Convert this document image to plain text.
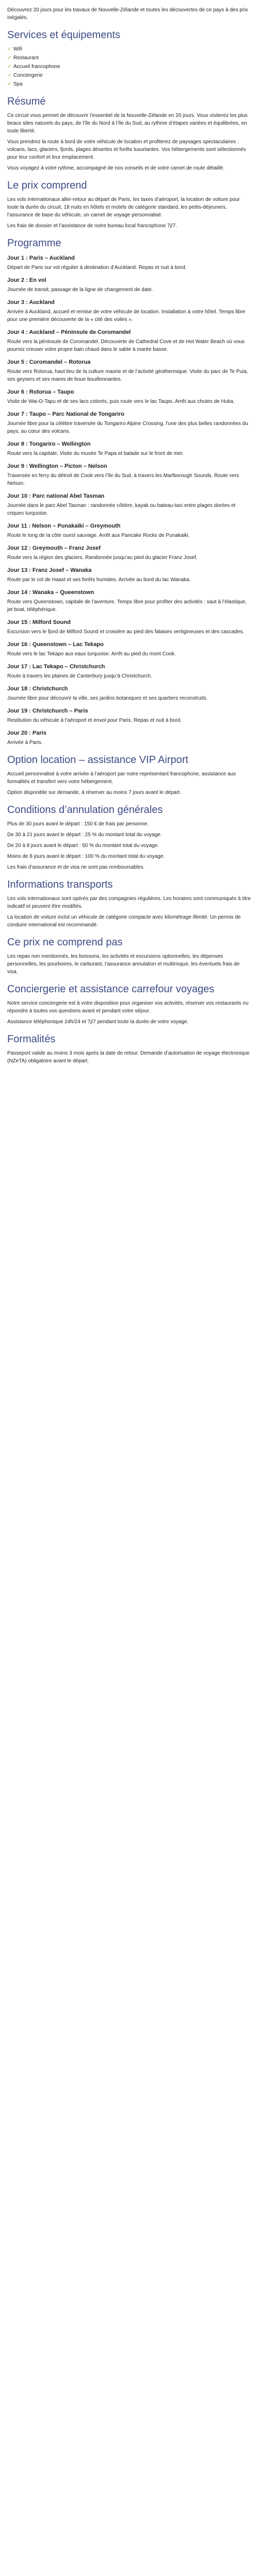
Découvrez 20 jours pour les travaux de Nouvelle-Zélande et toutes les découvertes de ce pays à des prix inégalés.

Services et équipements
✓ Wifi
✓ Restaurant
✓ Accueil francophone
✓ Conciergerie
✓ Spa
Résumé

Ce circuit vous permet de découvrir l’essentiel de la Nouvelle-Zélande en 20 jours. Vous visiterez les plus beaux sites naturels du pays, de l’île du Nord à l’île du Sud, au rythme d’étapes variées et équilibrées, en toute liberté.

Vous prendrez la route à bord de votre véhicule de location et profiterez de paysages spectaculaires : volcans, lacs, glaciers, fjords, plages désertes et forêts luxuriantes. Vos hébergements sont sélectionnés pour leur confort et leur emplacement.

Vous voyagez à votre rythme, accompagné de nos conseils et de votre carnet de route détaillé.

Le prix comprend

Les vols internationaux aller-retour au départ de Paris, les taxes d’aéroport, la location de voiture pour toute la durée du circuit, 18 nuits en hôtels et motels de catégorie standard, les petits-déjeuners, l’assurance de base du véhicule, un carnet de voyage personnalisé.

Les frais de dossier et l’assistance de notre bureau local francophone 7j/7.

Programme
Jour 1 : Paris – Auckland

Départ de Paris sur vol régulier à destination d’Auckland. Repas et nuit à bord.

Jour 2 : En vol

Journée de transit, passage de la ligne de changement de date.

Jour 3 : Auckland

Arrivée à Auckland, accueil et remise de votre véhicule de location. Installation à votre hôtel. Temps libre pour une première découverte de la « cité des voiles ».

Jour 4 : Auckland – Péninsule de Coromandel

Route vers la péninsule de Coromandel. Découverte de Cathedral Cove et de Hot Water Beach où vous pourrez creuser votre propre bain chaud dans le sable à marée basse.

Jour 5 : Coromandel – Rotorua

Route vers Rotorua, haut lieu de la culture maorie et de l’activité géothermique. Visite du parc de Te Puia, ses geysers et ses mares de boue bouillonnantes.

Jour 6 : Rotorua – Taupo

Visite de Wai-O-Tapu et de ses lacs colorés, puis route vers le lac Taupo. Arrêt aux chutes de Huka.

Jour 7 : Taupo – Parc National de Tongariro

Journée libre pour la célèbre traversée du Tongariro Alpine Crossing, l’une des plus belles randonnées du pays, au cœur des volcans.

Jour 8 : Tongariro – Wellington

Route vers la capitale. Visite du musée Te Papa et balade sur le front de mer.

Jour 9 : Wellington – Picton – Nelson

Traversée en ferry du détroit de Cook vers l’île du Sud, à travers les Marlborough Sounds. Route vers Nelson.

Jour 10 : Parc national Abel Tasman

Journée dans le parc Abel Tasman : randonnée côtière, kayak ou bateau-taxi entre plages dorées et criques turquoise.

Jour 11 : Nelson – Punakaiki – Greymouth

Route le long de la côte ouest sauvage. Arrêt aux Pancake Rocks de Punakaiki.

Jour 12 : Greymouth – Franz Josef

Route vers la région des glaciers. Randonnée jusqu’au pied du glacier Franz Josef.

Jour 13 : Franz Josef – Wanaka

Route par le col de Haast et ses forêts humides. Arrivée au bord du lac Wanaka.

Jour 14 : Wanaka – Queenstown

Route vers Queenstown, capitale de l’aventure. Temps libre pour profiter des activités : saut à l’élastique, jet boat, téléphérique.

Jour 15 : Milford Sound

Excursion vers le fjord de Milford Sound et croisière au pied des falaises vertigineuses et des cascades.

Jour 16 : Queenstown – Lac Tekapo

Route vers le lac Tekapo aux eaux turquoise. Arrêt au pied du mont Cook.

Jour 17 : Lac Tekapo – Christchurch

Route à travers les plaines de Canterbury jusqu’à Christchurch.

Jour 18 : Christchurch

Journée libre pour découvrir la ville, ses jardins botaniques et ses quartiers reconstruits.

Jour 19 : Christchurch – Paris

Restitution du véhicule à l’aéroport et envol pour Paris. Repas et nuit à bord.

Jour 20 : Paris

Arrivée à Paris.

Option location – assistance VIP Airport

Accueil personnalisé à votre arrivée à l’aéroport par notre représentant francophone, assistance aux formalités et transfert vers votre hébergement.

Option disponible sur demande, à réserver au moins 7 jours avant le départ.

Conditions d’annulation générales

Plus de 30 jours avant le départ : 150 € de frais par personne.

De 30 à 21 jours avant le départ : 25 % du montant total du voyage.

De 20 à 8 jours avant le départ : 50 % du montant total du voyage.

Moins de 8 jours avant le départ : 100 % du montant total du voyage.

Les frais d’assurance et de visa ne sont pas remboursables.

Informations transports

Les vols internationaux sont opérés par des compagnies régulières. Les horaires sont communiqués à titre indicatif et peuvent être modifiés.

La location de voiture inclut un véhicule de catégorie compacte avec kilométrage illimité. Un permis de conduire international est recommandé.

Ce prix ne comprend pas

Les repas non mentionnés, les boissons, les activités et excursions optionnelles, les dépenses personnelles, les pourboires, le carburant, l’assurance annulation et multirisque, les éventuels frais de visa.

Conciergerie et assistance carrefour voyages

Notre service conciergerie est à votre disposition pour organiser vos activités, réserver vos restaurants ou répondre à toutes vos questions avant et pendant votre séjour.

Assistance téléphonique 24h/24 et 7j/7 pendant toute la durée de votre voyage.

Formalités

Passeport valide au moins 3 mois après la date de retour. Demande d’autorisation de voyage électronique (NZeTA) obligatoire avant le départ.
